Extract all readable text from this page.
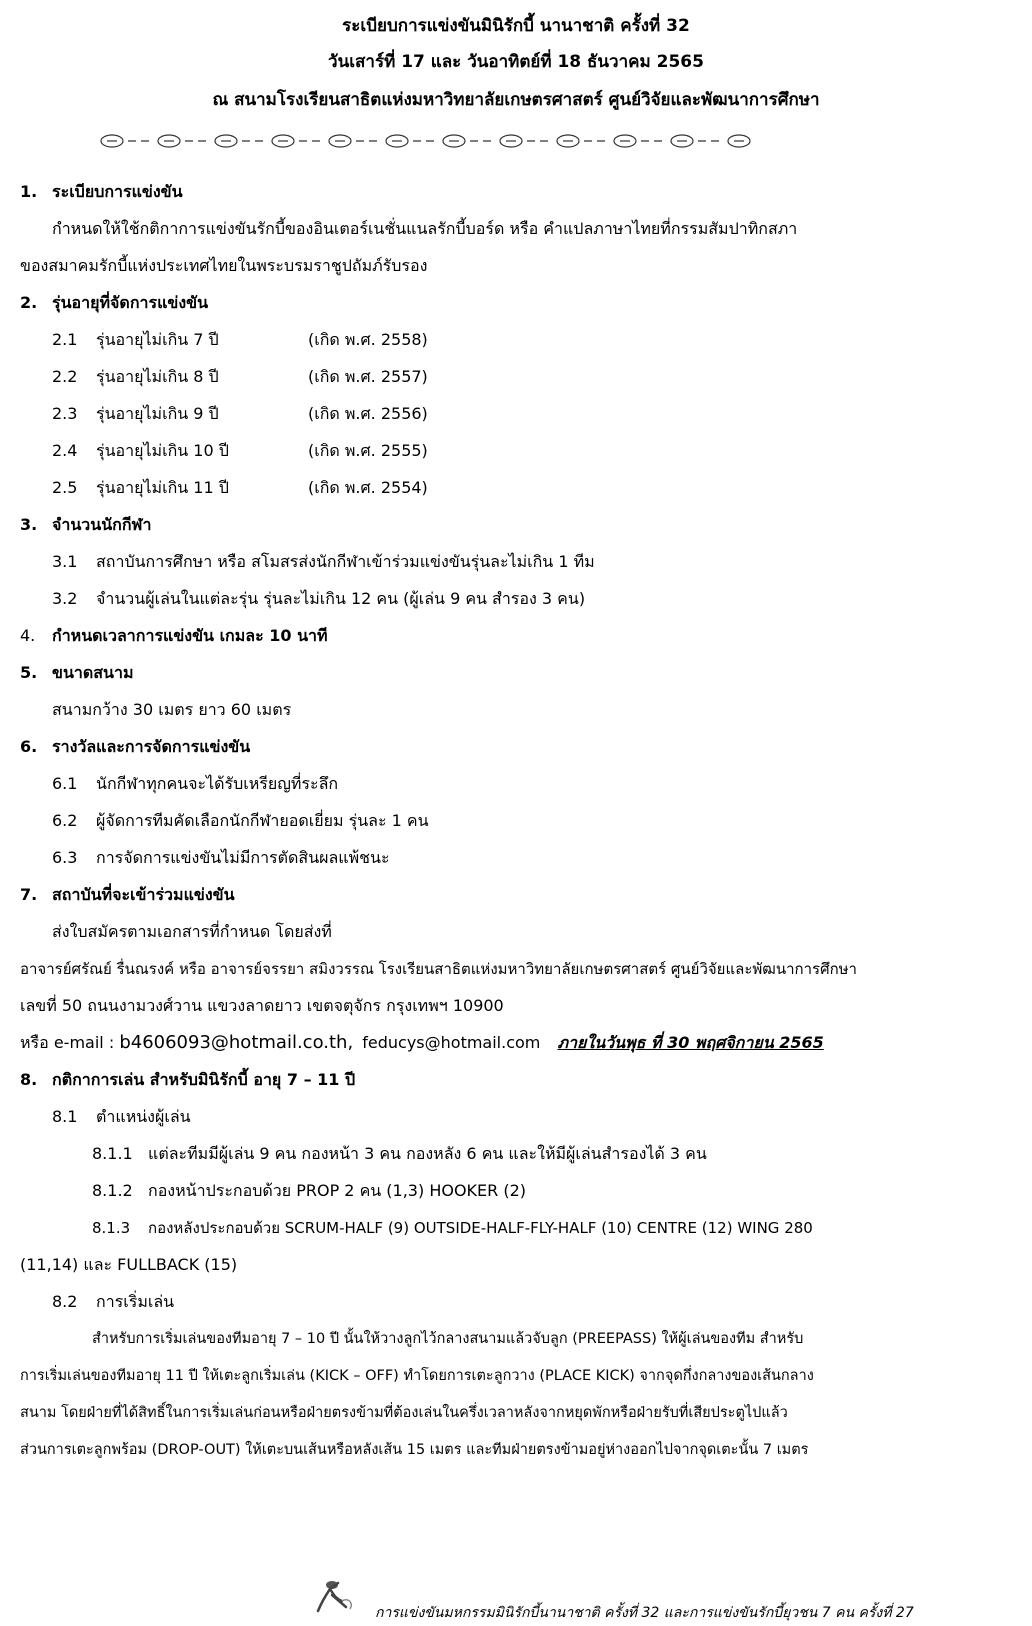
ระเบียบการแข่งขันมินิรักบี้ นานาชาติ ครั้งที่ 32
วันเสาร์ที่ 17 และ วันอาทิตย์ที่ 18 ธันวาคม 2565
ณ สนามโรงเรียนสาธิตแห่งมหาวิทยาลัยเกษตรศาสตร์ ศูนย์วิจัยและพัฒนาการศึกษา
1. ระเบียบการแข่งขัน
กำหนดให้ใช้กติกาการแข่งขันรักบี้ของอินเตอร์เนชั่นแนลรักบี้บอร์ด หรือ คำแปลภาษาไทยที่กรรมสัมปาทิกสภา
ของสมาคมรักบี้แห่งประเทศไทยในพระบรมราชูปถัมภ์รับรอง
2. รุ่นอายุที่จัดการแข่งขัน
2.1 รุ่นอายุไม่เกิน 7 ปี	(เกิด พ.ศ. 2558)
2.2 รุ่นอายุไม่เกิน 8 ปี	(เกิด พ.ศ. 2557)
2.3 รุ่นอายุไม่เกิน 9 ปี	(เกิด พ.ศ. 2556)
2.4 รุ่นอายุไม่เกิน 10 ปี	(เกิด พ.ศ. 2555)
2.5 รุ่นอายุไม่เกิน 11 ปี	(เกิด พ.ศ. 2554)
3. จำนวนนักกีฬา
3.1 สถาบันการศึกษา หรือ สโมสรส่งนักกีฬาเข้าร่วมแข่งขันรุ่นละไม่เกิน 1 ทีม
3.2 จำนวนผู้เล่นในแต่ละรุ่น รุ่นละไม่เกิน 12 คน (ผู้เล่น 9 คน สำรอง 3 คน)
4. กำหนดเวลาการแข่งขัน เกมละ 10 นาที
5. ขนาดสนาม
สนามกว้าง 30 เมตร ยาว 60 เมตร
6. รางวัลและการจัดการแข่งขัน
6.1 นักกีฬาทุกคนจะได้รับเหรียญที่ระลึก
6.2 ผู้จัดการทีมคัดเลือกนักกีฬายอดเยี่ยม รุ่นละ 1 คน
6.3 การจัดการแข่งขันไม่มีการตัดสินผลแพ้ชนะ
7. สถาบันที่จะเข้าร่วมแข่งขัน
ส่งใบสมัครตามเอกสารที่กำหนด โดยส่งที่
อาจารย์ศรัณย์ รื่นณรงค์ หรือ อาจารย์จรรยา สมิงวรรณ โรงเรียนสาธิตแห่งมหาวิทยาลัยเกษตรศาสตร์ ศูนย์วิจัยและพัฒนาการศึกษา
เลขที่ 50 ถนนงามวงศ์วาน แขวงลาดยาว เขตจตุจักร กรุงเทพฯ 10900
หรือ e-mail : b4606093@hotmail.co.th, feducys@hotmail.com ภายในวันพุธ ที่ 30 พฤศจิกายน 2565
8. กติกาการเล่น สำหรับมินิรักบี้ อายุ 7 – 11 ปี
8.1 ตำแหน่งผู้เล่น
8.1.1 แต่ละทีมมีผู้เล่น 9 คน กองหน้า 3 คน กองหลัง 6 คน และให้มีผู้เล่นสำรองได้ 3 คน
8.1.2 กองหน้าประกอบด้วย PROP 2 คน (1,3) HOOKER (2)
8.1.3 กองหลังประกอบด้วย SCRUM-HALF (9) OUTSIDE-HALF-FLY-HALF (10) CENTRE (12) WING 280
(11,14) และ FULLBACK (15)
8.2 การเริ่มเล่น
สำหรับการเริ่มเล่นของทีมอายุ 7 – 10 ปี นั้นให้วางลูกไว้กลางสนามแล้วจับลูก (PREEPASS) ให้ผู้เล่นของทีม สำหรับ
การเริ่มเล่นของทีมอายุ 11 ปี ให้เตะลูกเริ่มเล่น (KICK – OFF) ทำโดยการเตะลูกวาง (PLACE KICK) จากจุดกึ่งกลางของเส้นกลาง
สนาม โดยฝ่ายที่ได้สิทธิ์ในการเริ่มเล่นก่อนหรือฝ่ายตรงข้ามที่ต้องเล่นในครึ่งเวลาหลังจากหยุดพักหรือฝ่ายรับที่เสียประตูไปแล้ว
ส่วนการเตะลูกพร้อม (DROP-OUT) ให้เตะบนเส้นหรือหลังเส้น 15 เมตร และทีมฝ่ายตรงข้ามอยู่ห่างออกไปจากจุดเตะนั้น 7 เมตร
การแข่งขันมหกรรมมินิรักบี้นานาชาติ ครั้งที่ 32 และการแข่งขันรักบี้ยุวชน 7 คน ครั้งที่ 27
